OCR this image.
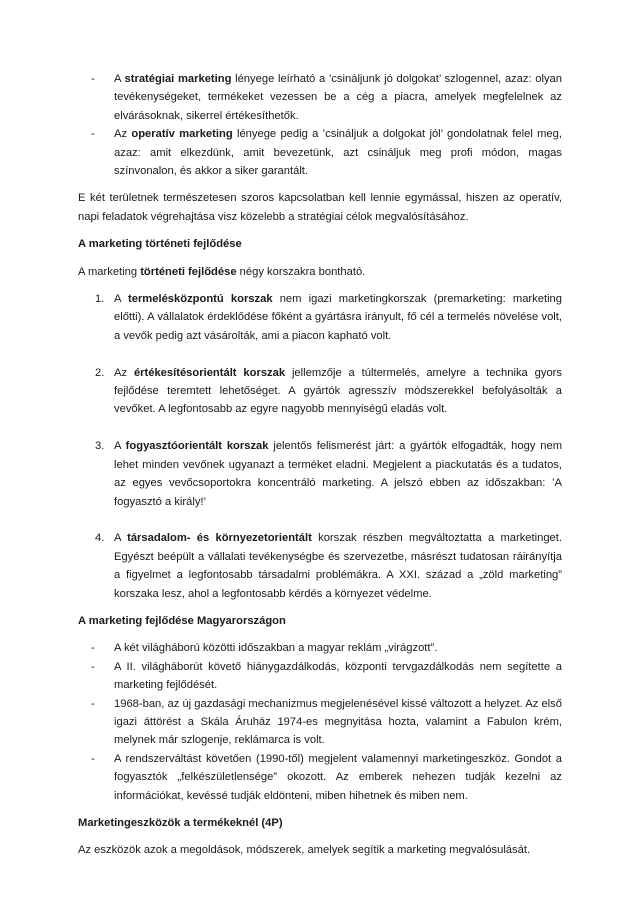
- A stratégiai marketing lényege leírható a ’csináljunk jó dolgokat’ szlogennel, azaz: olyan tevékenységeket, termékeket vezessen be a cég a piacra, amelyek megfelelnek az elvárásoknak, sikerrel értékesíthetők.
- Az operatív marketing lényege pedig a ’csináljuk a dolgokat jól’ gondolatnak felel meg, azaz: amit elkezdünk, amit bevezetünk, azt csináljuk meg profi módon, magas színvonalon, és akkor a siker garantált.

E két területnek természetesen szoros kapcsolatban kell lennie egymással, hiszen az operatív, napi feladatok végrehajtása visz közelebb a stratégiai célok megvalósításához.

A marketing történeti fejlődése

A marketing történeti fejlődése négy korszakra bontható.

1. A termelésközpontú korszak nem igazi marketingkorszak (premarketing: marketing előtti). A vállalatok érdeklődése főként a gyártásra irányult, fő cél a termelés növelése volt, a vevők pedig azt vásárolták, ami a piacon kapható volt.
2. Az értékesítésorientált korszak jellemzője a túltermelés, amelyre a technika gyors fejlődése teremtett lehetőséget. A gyártók agresszív módszerekkel befolyásolták a vevőket. A legfontosabb az egyre nagyobb mennyiségű eladás volt.
3. A fogyasztóorientált korszak jelentős felismerést járt: a gyártók elfogadták, hogy nem lehet minden vevőnek ugyanazt a terméket eladni. Megjelent a piackutatás és a tudatos, az egyes vevőcsoportokra koncentráló marketing. A jelszó ebben az időszakban: ’A fogyasztó a király!’
4. A társadalom- és környezetorientált korszak részben megváltoztatta a marketinget. Egyészt beépült a vállalati tevékenységbe és szervezetbe, másrészt tudatosan ráirányítja a figyelmet a legfontosabb társadalmi problémákra. A XXI. század a „zöld marketing” korszaka lesz, ahol a legfontosabb kérdés a környezet védelme.

A marketing fejlődése Magyarországon

- A két világháború közötti időszakban a magyar reklám „virágzott”.
- A II. világháborút követő hiánygazdálkodás, központi tervgazdálkodás nem segítette a marketing fejlődését.
- 1968-ban, az új gazdasági mechanizmus megjelenésével kissé változott a helyzet. Az első igazi áttörést a Skála Áruház 1974-es megnyitása hozta, valamint a Fabulon krém, melynek már szlogenje, reklámarca is volt.
- A rendszerváltást követően (1990-től) megjelent valamennyi marketingeszköz. Gondot a fogyasztók „felkészületlensége” okozott. Az emberek nehezen tudják kezelni az információkat, kevéssé tudják eldönteni, miben hihetnek és miben nem.

Marketingeszközök a termékeknél (4P)

Az eszközök azok a megoldások, módszerek, amelyek segítik a marketing megvalósulását.
